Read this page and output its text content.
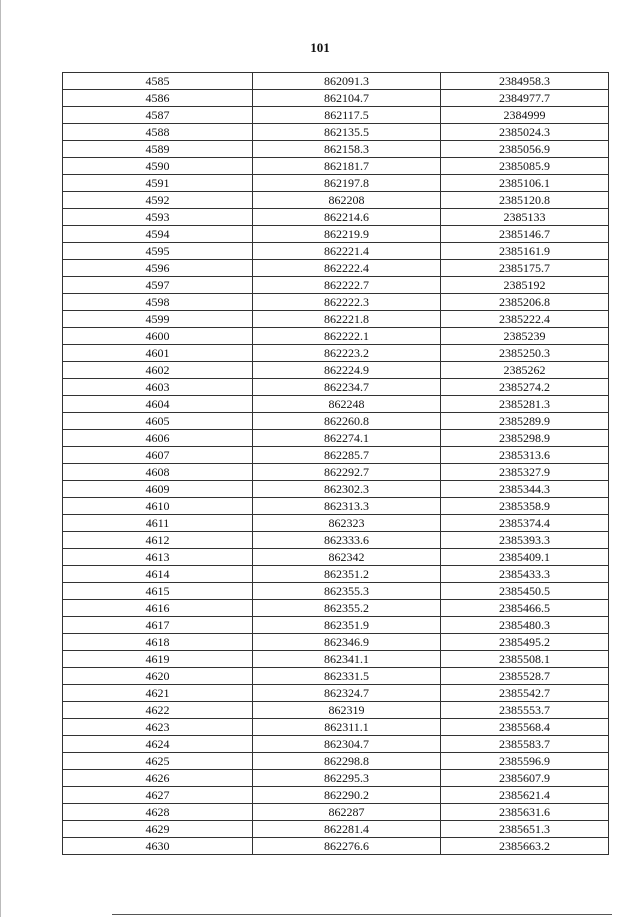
101
4585	862091.3	2384958.3
4586	862104.7	2384977.7
4587	862117.5	2384999
4588	862135.5	2385024.3
4589	862158.3	2385056.9
4590	862181.7	2385085.9
4591	862197.8	2385106.1
4592	862208	2385120.8
4593	862214.6	2385133
4594	862219.9	2385146.7
4595	862221.4	2385161.9
4596	862222.4	2385175.7
4597	862222.7	2385192
4598	862222.3	2385206.8
4599	862221.8	2385222.4
4600	862222.1	2385239
4601	862223.2	2385250.3
4602	862224.9	2385262
4603	862234.7	2385274.2
4604	862248	2385281.3
4605	862260.8	2385289.9
4606	862274.1	2385298.9
4607	862285.7	2385313.6
4608	862292.7	2385327.9
4609	862302.3	2385344.3
4610	862313.3	2385358.9
4611	862323	2385374.4
4612	862333.6	2385393.3
4613	862342	2385409.1
4614	862351.2	2385433.3
4615	862355.3	2385450.5
4616	862355.2	2385466.5
4617	862351.9	2385480.3
4618	862346.9	2385495.2
4619	862341.1	2385508.1
4620	862331.5	2385528.7
4621	862324.7	2385542.7
4622	862319	2385553.7
4623	862311.1	2385568.4
4624	862304.7	2385583.7
4625	862298.8	2385596.9
4626	862295.3	2385607.9
4627	862290.2	2385621.4
4628	862287	2385631.6
4629	862281.4	2385651.3
4630	862276.6	2385663.2
